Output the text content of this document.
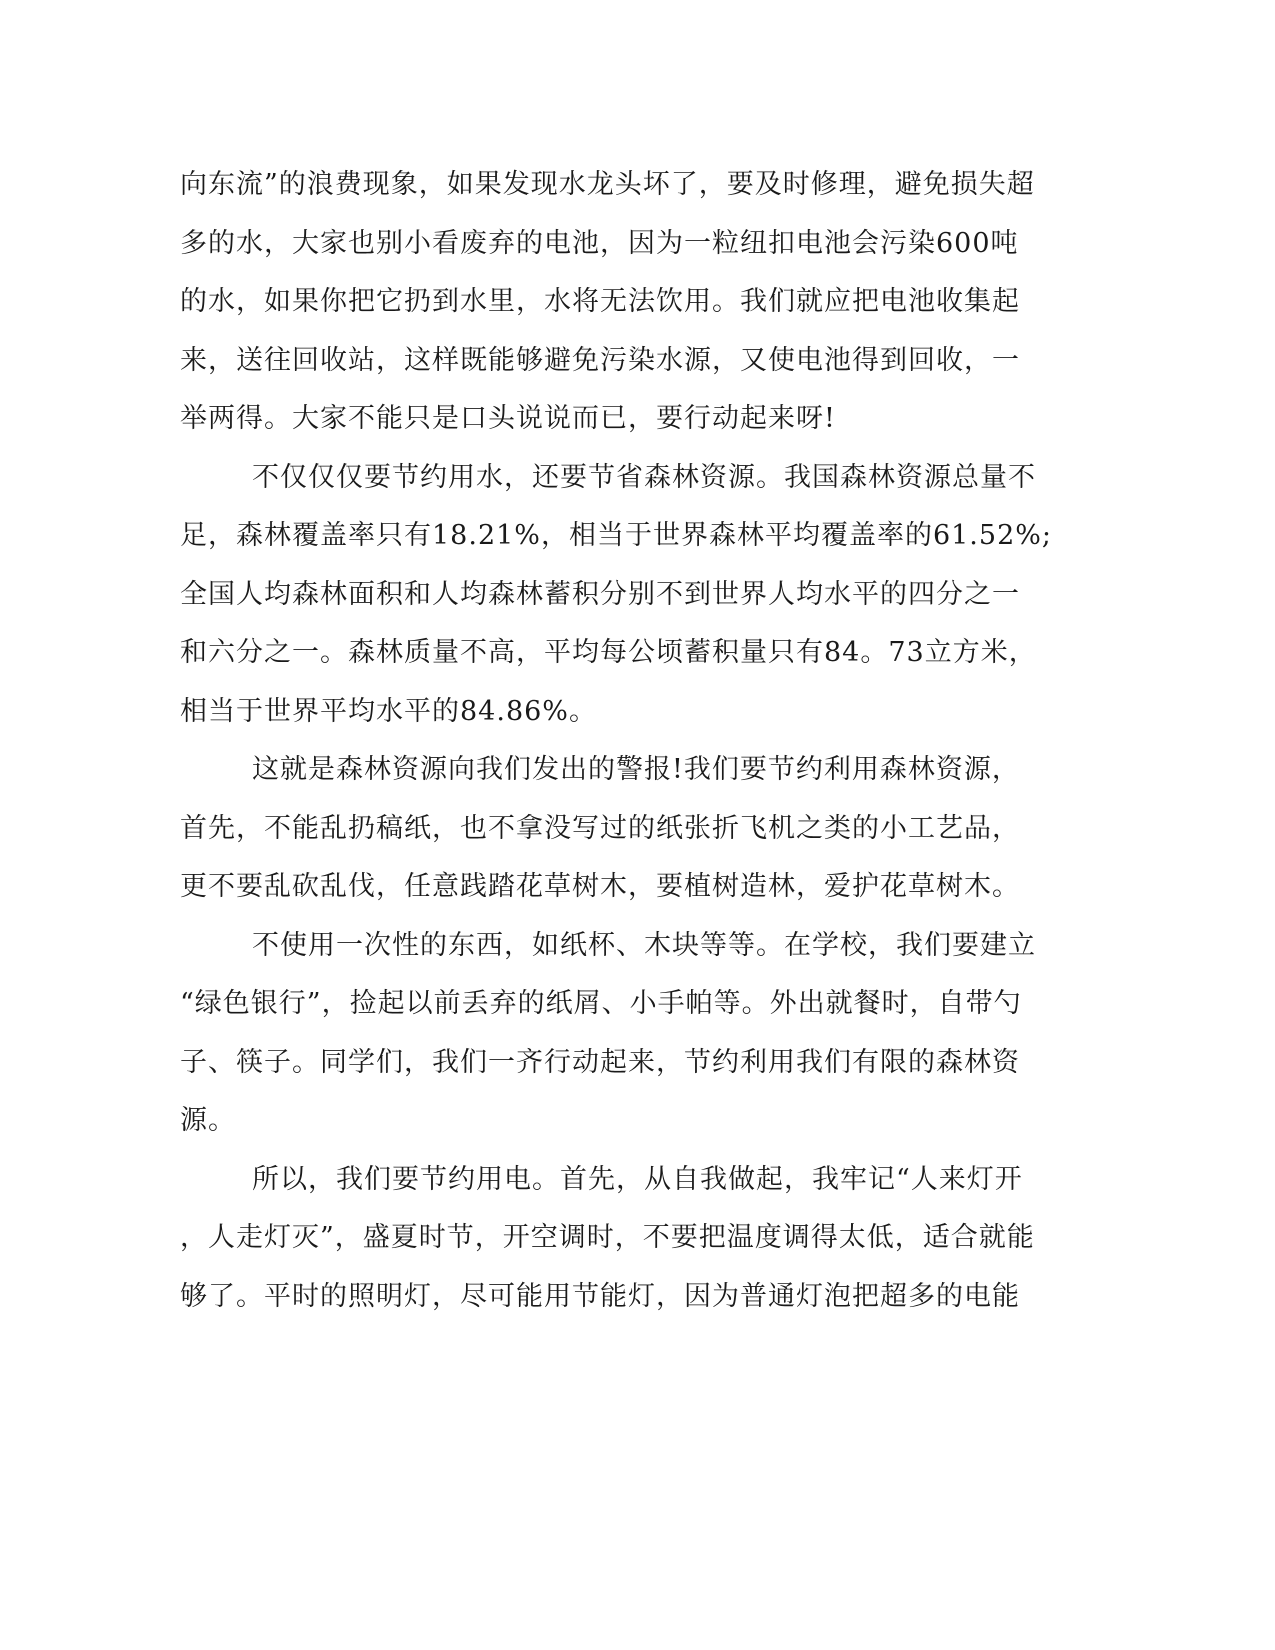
向东流”的浪费现象，如果发现水龙头坏了，要及时修理，避免损失超
多的水，大家也别小看废弃的电池，因为一粒纽扣电池会污染600吨
的水，如果你把它扔到水里，水将无法饮用。我们就应把电池收集起
来，送往回收站，这样既能够避免污染水源，又使电池得到回收，一
举两得。大家不能只是口头说说而已，要行动起来呀!
不仅仅仅要节约用水，还要节省森林资源。我国森林资源总量不
足，森林覆盖率只有18.21%，相当于世界森林平均覆盖率的61.52%;
全国人均森林面积和人均森林蓄积分别不到世界人均水平的四分之一
和六分之一。森林质量不高，平均每公顷蓄积量只有84。73立方米，
相当于世界平均水平的84.86%。
这就是森林资源向我们发出的警报!我们要节约利用森林资源，
首先，不能乱扔稿纸，也不拿没写过的纸张折飞机之类的小工艺品，
更不要乱砍乱伐，任意践踏花草树木，要植树造林，爱护花草树木。
不使用一次性的东西，如纸杯、木块等等。在学校，我们要建立
“绿色银行”，捡起以前丢弃的纸屑、小手帕等。外出就餐时，自带勺
子、筷子。同学们，我们一齐行动起来，节约利用我们有限的森林资
源。
所以，我们要节约用电。首先，从自我做起，我牢记“人来灯开
，人走灯灭”，盛夏时节，开空调时，不要把温度调得太低，适合就能
够了。平时的照明灯，尽可能用节能灯，因为普通灯泡把超多的电能
